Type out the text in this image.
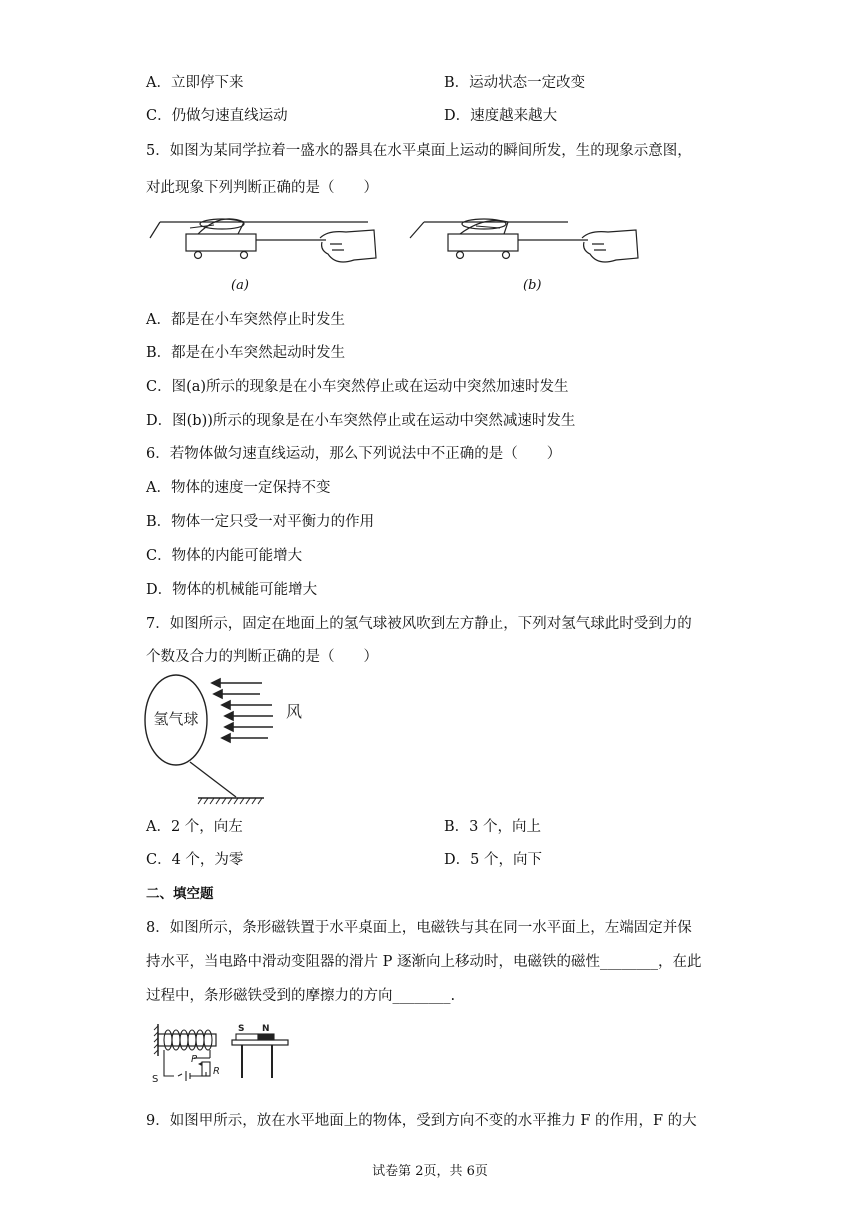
A．立即停下来	B．运动状态一定改变
C．仍做匀速直线运动	D．速度越来越大
5．如图为某同学拉着一盛水的器具在水平桌面上运动的瞬间所发，生的现象示意图，
对此现象下列判断正确的是（　　）
(a)	(b)
A．都是在小车突然停止时发生
B．都是在小车突然起动时发生
C．图(a)所示的现象是在小车突然停止或在运动中突然加速时发生
D．图(b))所示的现象是在小车突然停止或在运动中突然减速时发生
6．若物体做匀速直线运动，那么下列说法中不正确的是（　　）
A．物体的速度一定保持不变
B．物体一定只受一对平衡力的作用
C．物体的内能可能增大
D．物体的机械能可能增大
7．如图所示，固定在地面上的氢气球被风吹到左方静止，下列对氢气球此时受到力的
个数及合力的判断正确的是（　　）
氢气球	风
A．2 个，向左	B．3 个，向上
C．4 个，为零	D．5 个，向下
二、填空题
8．如图所示，条形磁铁置于水平桌面上，电磁铁与其在同一水平面上，左端固定并保
持水平，当电路中滑动变阻器的滑片 P 逐渐向上移动时，电磁铁的磁性________，在此
过程中，条形磁铁受到的摩擦力的方向________.
P
R
S
S N
9．如图甲所示，放在水平地面上的物体，受到方向不变的水平推力 F 的作用，F 的大
试卷第 2页，共 6页
